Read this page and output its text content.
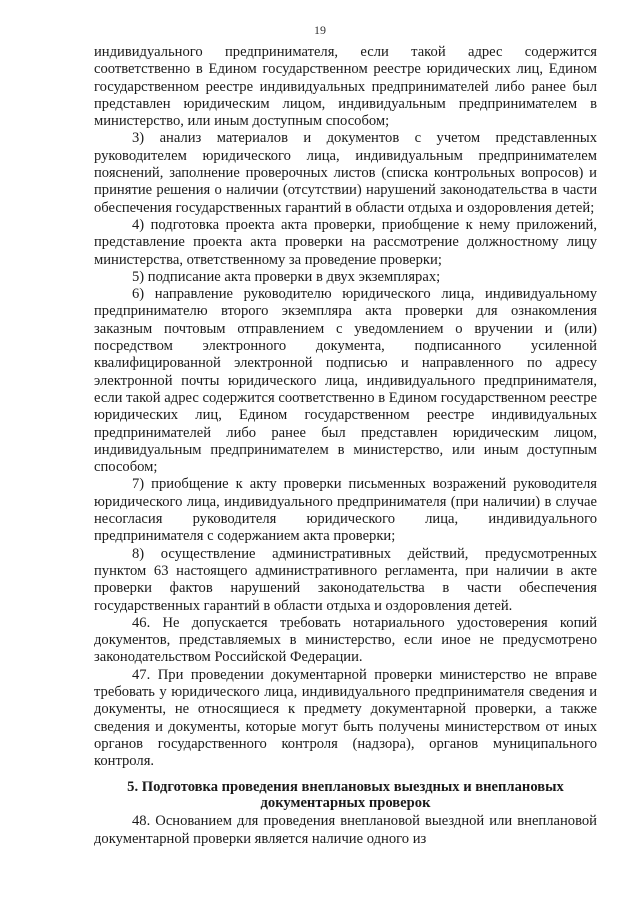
19

индивидуального предпринимателя, если такой адрес содержится соответственно в Едином государственном реестре юридических лиц, Едином государственном реестре индивидуальных предпринимателей либо ранее был представлен юридическим лицом, индивидуальным предпринимателем в министерство, или иным доступным способом;

3) анализ материалов и документов с учетом представленных руководителем юридического лица, индивидуальным предпринимателем пояснений, заполнение проверочных листов (списка контрольных вопросов) и принятие решения о наличии (отсутствии) нарушений законодательства в части обеспечения государственных гарантий в области отдыха и оздоровления детей;

4) подготовка проекта акта проверки, приобщение к нему приложений, представление проекта акта проверки на рассмотрение должностному лицу министерства, ответственному за проведение проверки;

5) подписание акта проверки в двух экземплярах;

6) направление руководителю юридического лица, индивидуальному предпринимателю второго экземпляра акта проверки для ознакомления заказным почтовым отправлением с уведомлением о вручении и (или) посредством электронного документа, подписанного усиленной квалифицированной электронной подписью и направленного по адресу электронной почты юридического лица, индивидуального предпринимателя, если такой адрес содержится соответственно в Едином государственном реестре юридических лиц, Едином государственном реестре индивидуальных предпринимателей либо ранее был представлен юридическим лицом, индивидуальным предпринимателем в министерство, или иным доступным способом;

7) приобщение к акту проверки письменных возражений руководителя юридического лица, индивидуального предпринимателя (при наличии) в случае несогласия руководителя юридического лица, индивидуального предпринимателя с содержанием акта проверки;

8) осуществление административных действий, предусмотренных пунктом 63 настоящего административного регламента, при наличии в акте проверки фактов нарушений законодательства в части обеспечения государственных гарантий в области отдыха и оздоровления детей.

46. Не допускается требовать нотариального удостоверения копий документов, представляемых в министерство, если иное не предусмотрено законодательством Российской Федерации.

47. При проведении документарной проверки министерство не вправе требовать у юридического лица, индивидуального предпринимателя сведения и документы, не относящиеся к предмету документарной проверки, а также сведения и документы, которые могут быть получены министерством от иных органов государственного контроля (надзора), органов муниципального контроля.

5. Подготовка проведения внеплановых выездных и внеплановых
документарных проверок

48. Основанием для проведения внеплановой выездной или внеплановой документарной проверки является наличие одного из
